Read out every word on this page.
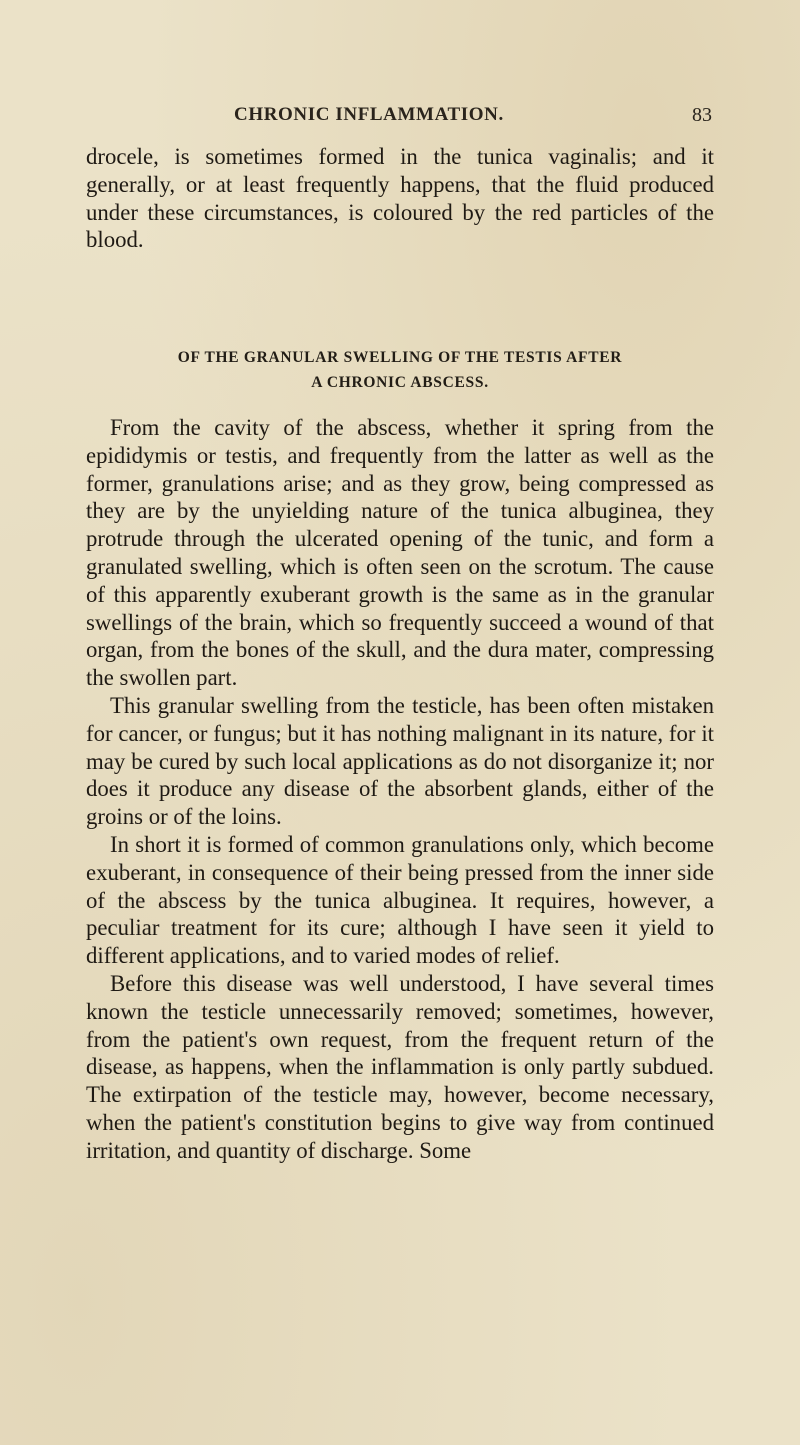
CHRONIC INFLAMMATION.	83

drocele, is sometimes formed in the tunica vaginalis; and it generally, or at least frequently happens, that the fluid produced under these circumstances, is coloured by the red particles of the blood.

OF THE GRANULAR SWELLING OF THE TESTIS AFTER
A CHRONIC ABSCESS.

From the cavity of the abscess, whether it spring from the epididymis or testis, and frequently from the latter as well as the former, granulations arise; and as they grow, being compressed as they are by the unyielding nature of the tunica albuginea, they protrude through the ulcerated opening of the tunic, and form a granulated swelling, which is often seen on the scrotum. The cause of this apparently exuberant growth is the same as in the granular swellings of the brain, which so frequently succeed a wound of that organ, from the bones of the skull, and the dura mater, compressing the swollen part.

This granular swelling from the testicle, has been often mistaken for cancer, or fungus; but it has nothing malignant in its nature, for it may be cured by such local applications as do not disorganize it; nor does it produce any disease of the absorbent glands, either of the groins or of the loins.

In short it is formed of common granulations only, which become exuberant, in consequence of their being pressed from the inner side of the abscess by the tunica albuginea. It requires, however, a peculiar treatment for its cure; although I have seen it yield to different applications, and to varied modes of relief.

Before this disease was well understood, I have several times known the testicle unnecessarily removed; sometimes, however, from the patient's own request, from the frequent return of the disease, as happens, when the inflammation is only partly subdued. The extirpation of the testicle may, however, become necessary, when the patient's constitution begins to give way from continued irritation, and quantity of discharge. Some
